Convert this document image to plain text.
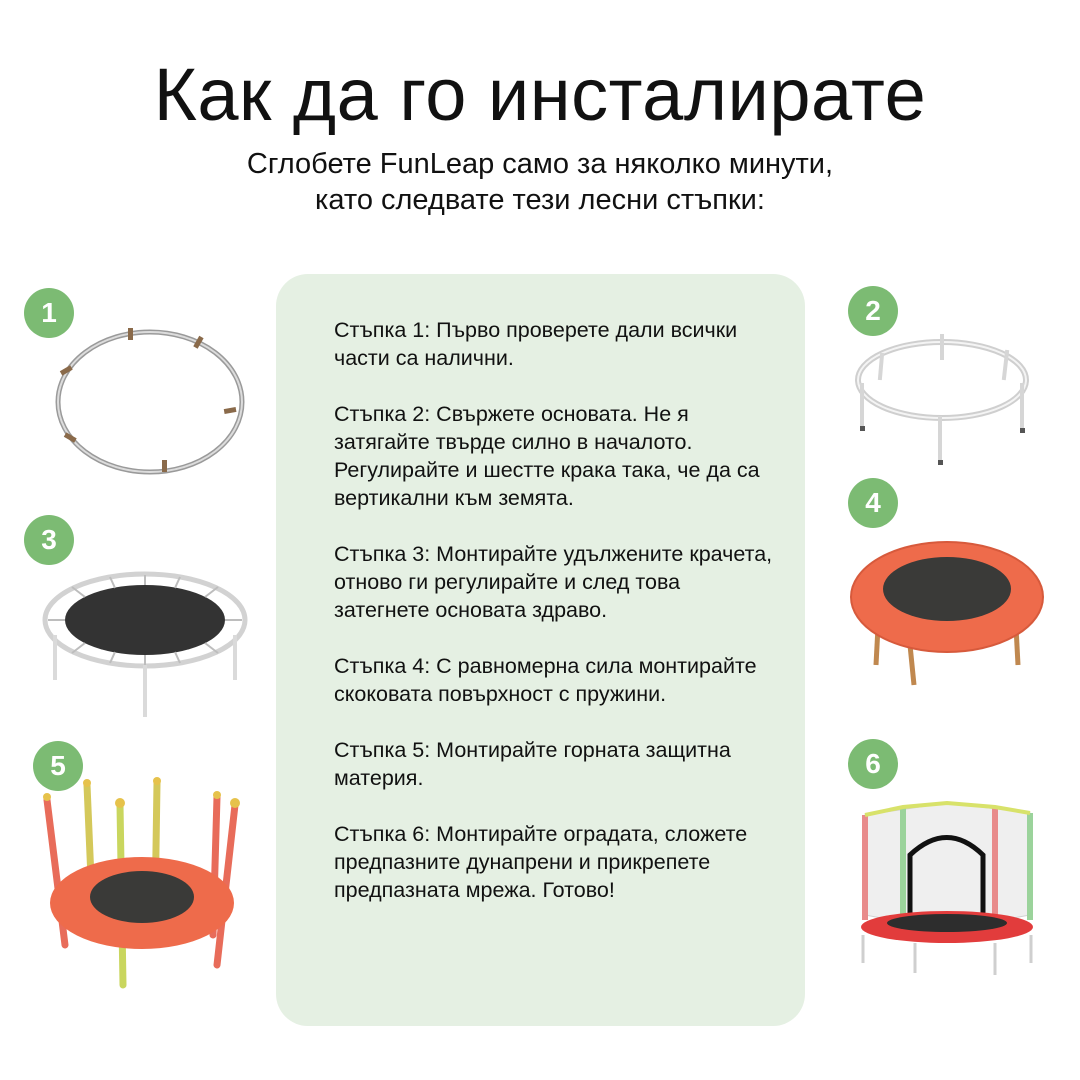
Как да го инсталирате
Сглобете FunLeap само за няколко минути,
като следвате тези лесни стъпки:

Стъпка 1: Първо проверете дали всички части са налични.

Стъпка 2: Свържете основата. Не я затягайте твърде силно в началото. Регулирайте и шестте крака така, че да са вертикални към земята.

Стъпка 3: Монтирайте удължените крачета, отново ги регулирайте и след това затегнете основата здраво.

Стъпка 4: С равномерна сила монтирайте скоковата повърхност с пружини.

Стъпка 5: Монтирайте горната защитна материя.

Стъпка 6: Монтирайте оградата, сложете предпазните дунапрени и прикрепете предпазната мрежа. Готово!

1	2
3
4
5	6
